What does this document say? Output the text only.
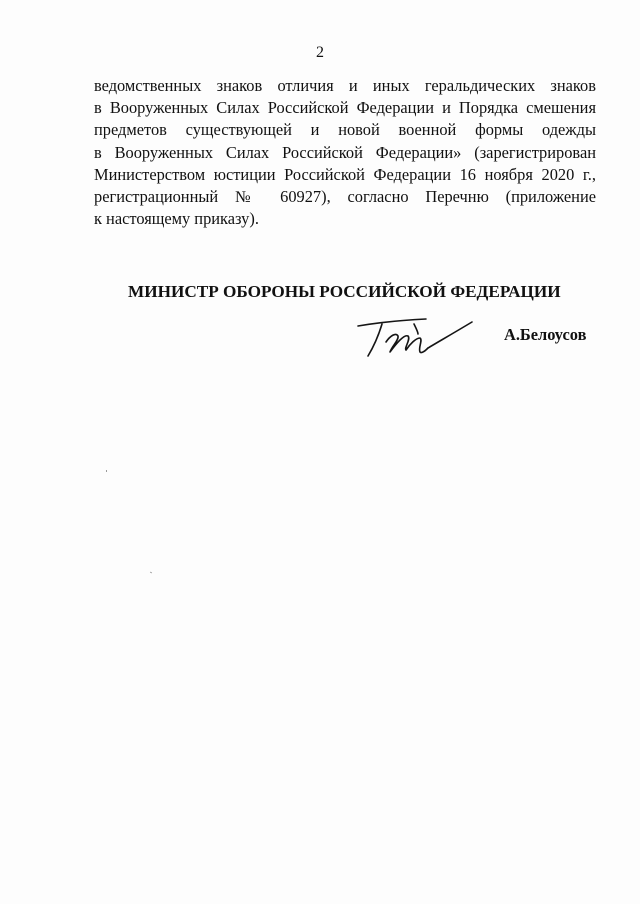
2

ведомственных знаков отличия и иных геральдических знаков
в Вооруженных Силах Российской Федерации и Порядка смешения
предметов существующей и новой военной формы одежды
в Вооруженных Силах Российской Федерации» (зарегистрирован
Министерством юстиции Российской Федерации 16 ноября 2020 г.,
регистрационный № 60927), согласно Перечню (приложение
к настоящему приказу).

МИНИСТР ОБОРОНЫ РОССИЙСКОЙ ФЕДЕРАЦИИ
А.Белоусов
